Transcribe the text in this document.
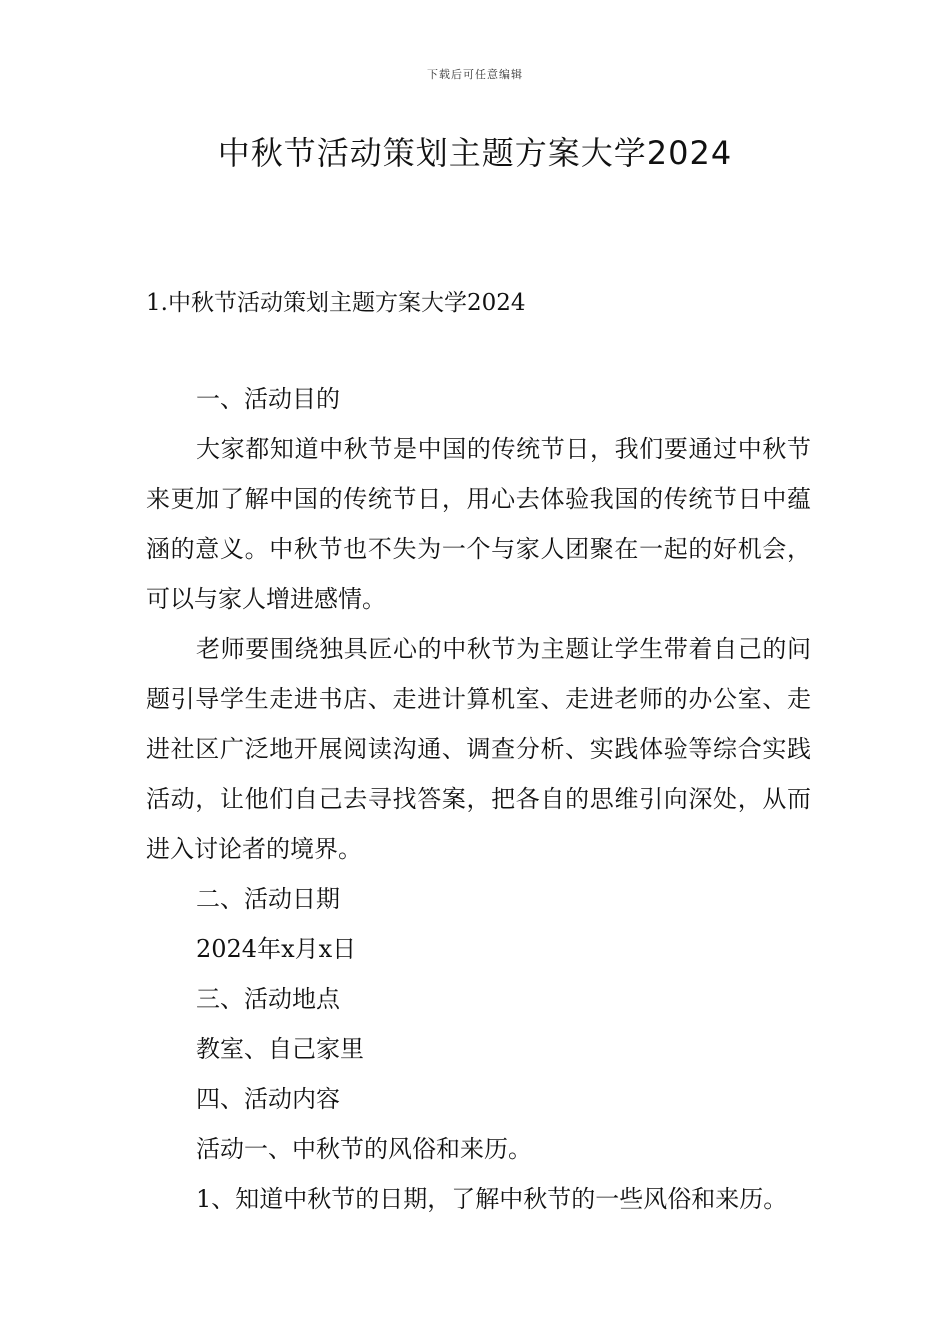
下载后可任意编辑
中秋节活动策划主题方案大学2024
1.中秋节活动策划主题方案大学2024

一、活动目的

大家都知道中秋节是中国的传统节日，我们要通过中秋节来更加了解中国的传统节日，用心去体验我国的传统节日中蕴涵的意义。中秋节也不失为一个与家人团聚在一起的好机会，可以与家人增进感情。

老师要围绕独具匠心的中秋节为主题让学生带着自己的问题引导学生走进书店、走进计算机室、走进老师的办公室、走进社区广泛地开展阅读沟通、调查分析、实践体验等综合实践活动，让他们自己去寻找答案，把各自的思维引向深处，从而进入讨论者的境界。

二、活动日期

2024年x月x日

三、活动地点

教室、自己家里

四、活动内容

活动一、中秋节的风俗和来历。

1、知道中秋节的日期，了解中秋节的一些风俗和来历。
